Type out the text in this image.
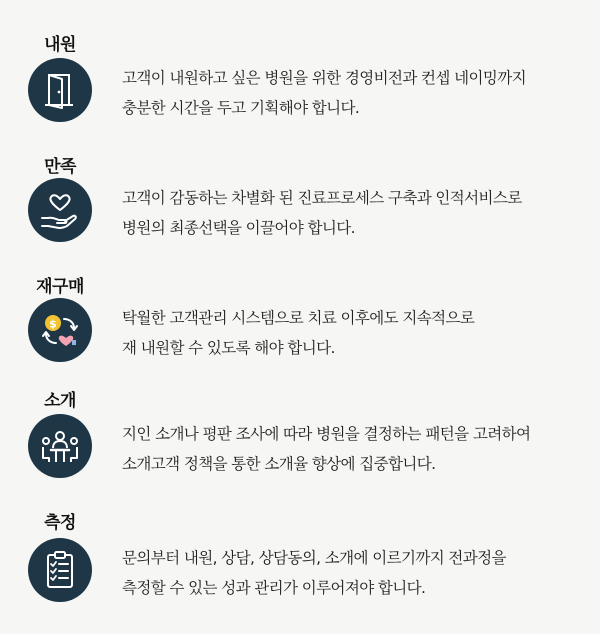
내원
고객이 내원하고 싶은 병원을 위한 경영비전과 컨셉 네이밍까지
충분한 시간을 두고 기획해야 합니다.
만족
고객이 감동하는 차별화 된 진료프로세스 구축과 인적서비스로
병원의 최종선택을 이끌어야 합니다.
재구매
$	탁월한 고객관리 시스템으로 치료 이후에도 지속적으로
재 내원할 수 있도록 해야 합니다.
소개
지인 소개나 평판 조사에 따라 병원을 결정하는 패턴을 고려하여
소개고객 정책을 통한 소개율 향상에 집중합니다.
측정
문의부터 내원, 상담, 상담동의, 소개에 이르기까지 전과정을
측정할 수 있는 성과 관리가 이루어져야 합니다.
